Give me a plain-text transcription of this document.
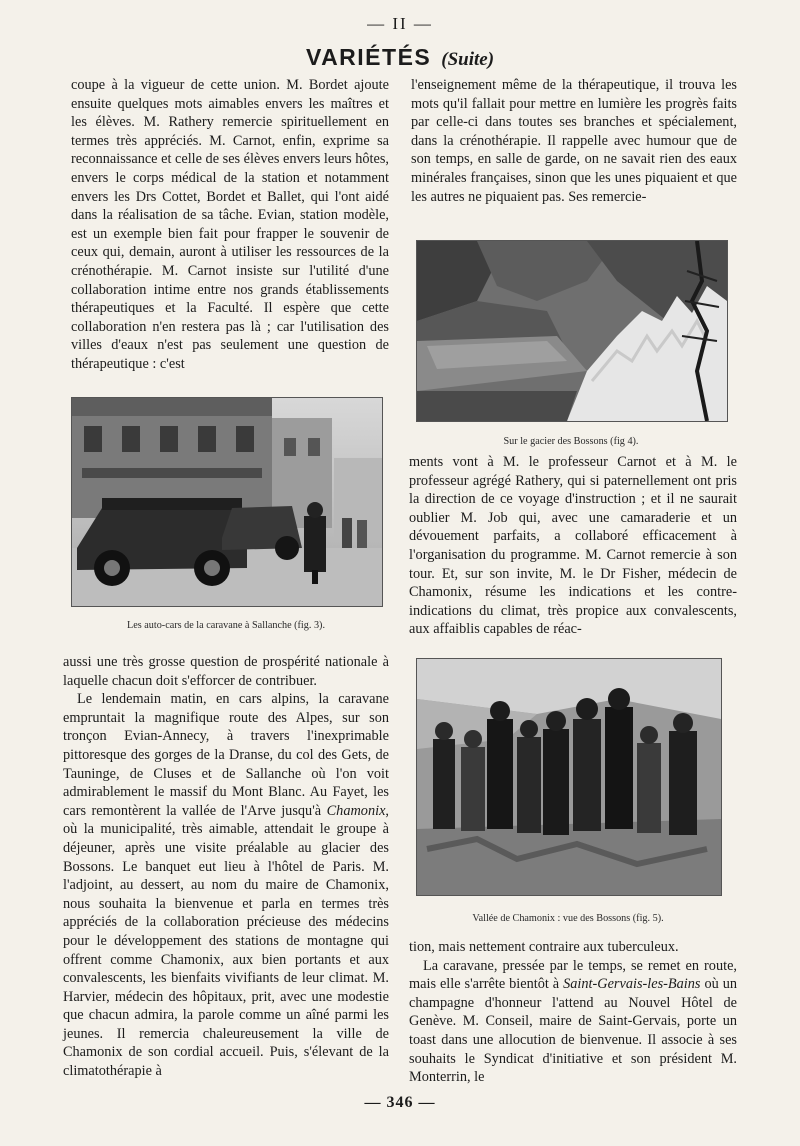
— II —
VARIÉTÉS (Suite)

coupe à la vigueur de cette union. M. Bordet ajoute ensuite quelques mots aimables envers les maîtres et les élèves. M. Rathery remercie spirituellement en termes très appréciés. M. Carnot, enfin, exprime sa reconnaissance et celle de ses élèves envers leurs hôtes, envers le corps médical de la station et notamment envers les Drs Cottet, Bordet et Ballet, qui l'ont aidé dans la réalisation de sa tâche. Evian, station modèle, est un exemple bien fait pour frapper le souvenir de ceux qui, demain, auront à utiliser les ressources de la crénothérapie. M. Carnot insiste sur l'utilité d'une collaboration intime entre nos grands établissements thérapeutiques et la Faculté. Il espère que cette collaboration n'en restera pas là ; car l'utilisation des villes d'eaux n'est pas seulement une question de thérapeutique : c'est

l'enseignement même de la thérapeutique, il trouva les mots qu'il fallait pour mettre en lumière les progrès faits par celle-ci dans toutes ses branches et spécialement, dans la crénothérapie. Il rappelle avec humour que de son temps, en salle de garde, on ne savait rien des eaux minérales françaises, sinon que les unes piquaient et que les autres ne piquaient pas. Ses remercie-

Les auto-cars de la caravane à Sallanche (fig. 3).
Sur le gacier des Bossons (fig 4).

ments vont à M. le professeur Carnot et à M. le professeur agrégé Rathery, qui si paternellement ont pris la direction de ce voyage d'instruction ; et il ne saurait oublier M. Job qui, avec une camaraderie et un dévouement parfaits, a collaboré efficacement à l'organisation du programme. M. Carnot remercie à son tour. Et, sur son invite, M. le Dr Fisher, médecin de Chamonix, résume les indications et les contre-indications du climat, très propice aux convalescents, aux affaiblis capables de réac-

Vallée de Chamonix : vue des Bossons (fig. 5).

aussi une très grosse question de prospérité nationale à laquelle chacun doit s'efforcer de contribuer.

Le lendemain matin, en cars alpins, la caravane empruntait la magnifique route des Alpes, sur son tronçon Evian-Annecy, à travers l'inexprimable pittoresque des gorges de la Dranse, du col des Gets, de Tauninge, de Cluses et de Sallanche où l'on voit admirablement le massif du Mont Blanc. Au Fayet, les cars remontèrent la vallée de l'Arve jusqu'à Chamonix, où la municipalité, très aimable, attendait le groupe à déjeuner, après une visite préalable au glacier des Bossons. Le banquet eut lieu à l'hôtel de Paris. M. l'adjoint, au dessert, au nom du maire de Chamonix, nous souhaita la bienvenue et parla en termes très appréciés de la collaboration précieuse des médecins pour le développement des stations de montagne qui offrent comme Chamonix, aux bien portants et aux convalescents, les bienfaits vivifiants de leur climat. M. Harvier, médecin des hôpitaux, prit, avec une modestie que chacun admira, la parole comme un aîné parmi les jeunes. Il remercia chaleureusement la ville de Chamonix de son cordial accueil. Puis, s'élevant de la climatothérapie à

tion, mais nettement contraire aux tuberculeux.

La caravane, pressée par le temps, se remet en route, mais elle s'arrête bientôt à Saint-Gervais-les-Bains où un champagne d'honneur l'attend au Nouvel Hôtel de Genève. M. Conseil, maire de Saint-Gervais, porte un toast dans une allocution de bienvenue. Il associe à ses souhaits le Syndicat d'initiative et son président M. Monterrin, le

— 346 —
